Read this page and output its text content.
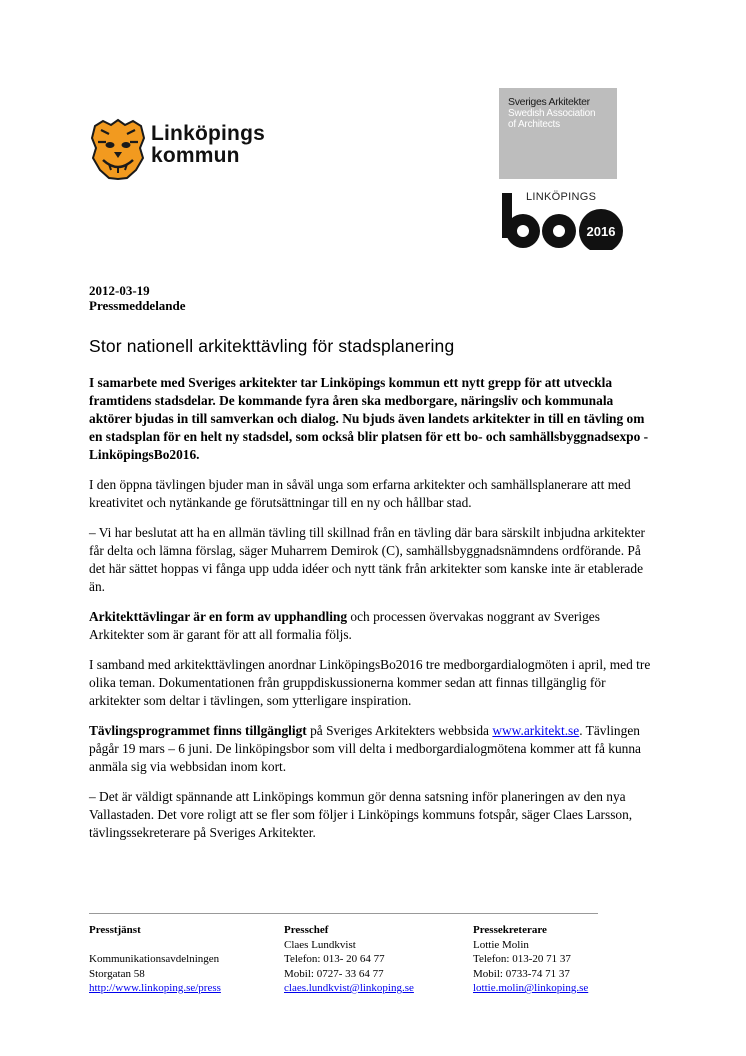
Linköpings
kommun
Sveriges Arkitekter
Swedish Association
of Architects
LINKÖPINGS
2016
2012-03-19
Pressmeddelande
Stor nationell arkitekttävling för stadsplanering

I samarbete med Sveriges arkitekter tar Linköpings kommun ett nytt grepp för att utveckla framtidens stadsdelar. De kommande fyra åren ska medborgare, näringsliv och kommunala aktörer bjudas in till samverkan och dialog. Nu bjuds även landets arkitekter in till en tävling om en stadsplan för en helt ny stadsdel, som också blir platsen för ett bo- och samhällsbyggnadsexpo - LinköpingsBo2016.

I den öppna tävlingen bjuder man in såväl unga som erfarna arkitekter och samhällsplanerare att med kreativitet och nytänkande ge förutsättningar till en ny och hållbar stad.

– Vi har beslutat att ha en allmän tävling till skillnad från en tävling där bara särskilt inbjudna arkitekter får delta och lämna förslag, säger Muharrem Demirok (C), samhällsbyggnadsnämndens ordförande. På det här sättet hoppas vi fånga upp udda idéer och nytt tänk från arkitekter som kanske inte är etablerade än.

Arkitekttävlingar är en form av upphandling och processen övervakas noggrant av Sveriges Arkitekter som är garant för att all formalia följs.

I samband med arkitekttävlingen anordnar LinköpingsBo2016 tre medborgardialogmöten i april, med tre olika teman. Dokumentationen från gruppdiskussionerna kommer sedan att finnas tillgänglig för arkitekter som deltar i tävlingen, som ytterligare inspiration.

Tävlingsprogrammet finns tillgängligt på Sveriges Arkitekters webbsida www.arkitekt.se. Tävlingen pågår 19 mars – 6 juni. De linköpingsbor som vill delta i medborgardialogmötena kommer att få kunna anmäla sig via webbsidan inom kort.

– Det är väldigt spännande att Linköpings kommun gör denna satsning inför planeringen av den nya Vallastaden. Det vore roligt att se fler som följer i Linköpings kommuns fotspår, säger Claes Larsson, tävlingssekreterare på Sveriges Arkitekter.

Presstjänst

Kommunikationsavdelningen
Storgatan 58
http://www.linkoping.se/press
Presschef
Claes Lundkvist
Telefon: 013- 20 64 77
Mobil: 0727- 33 64 77
claes.lundkvist@linkoping.se
Pressekreterare
Lottie Molin
Telefon: 013-20 71 37
Mobil: 0733-74 71 37
lottie.molin@linkoping.se
